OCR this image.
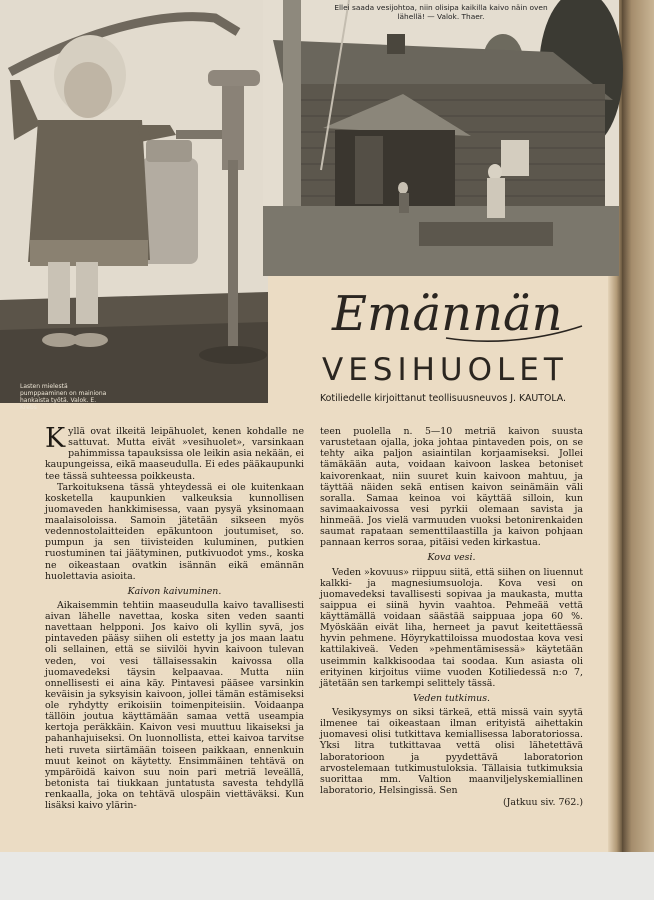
Lasten mielestä pumppaaminen on mainiona hankaista työtä. Valok. E. Krebs
Ellei saada vesijohtoa, niin olisipa kaikilla kaivo näin oven lähellä! — Valok. Thaer.
Emännän
VESIHUOLET
Kotiliedelle kirjoittanut teollisuusneuvos J. KAUTOLA.

Kyllä ovat ilkeitä leipähuolet, kenen kohdalle ne sattuvat. Mutta eivät »vesihuolet», varsinkaan pahimmissa tapauksissa ole leikin asia nekään, ei kaupungeissa, eikä maaseudulla. Ei edes pääkaupunki tee tässä suhteessa poikkeusta.

Tarkoituksena tässä yhteydessä ei ole kuitenkaan kosketella kaupunkien valkeuksia kunnollisen juomaveden hankkimisessa, vaan pysyä yksinomaan maalaisoloissa. Samoin jätetään sikseen myös vedennostolaitteiden epäkuntoon joutumiset, so. pumpun ja sen tiivisteiden kuluminen, putkien ruostuminen tai jäätyminen, putkivuodot yms., koska ne oikeastaan ovatkin isännän eikä emännän huolettavia asioita.

Kaivon kaivuminen.

Aikaisemmin tehtiin maaseudulla kaivo tavallisesti aivan lähelle navettaa, koska siten veden saanti navettaan helpponi. Jos kaivo oli kyllin syvä, jos pintaveden pääsy siihen oli estetty ja jos maan laatu oli sellainen, että se siivilöi hyvin kaivoon tulevan veden, voi vesi tällaisessakin kaivossa olla juomavedeksi täysin kelpaavaa. Mutta niin onnellisesti ei aina käy. Pintavesi pääsee varsinkin keväisin ja syksyisin kaivoon, jollei tämän estämiseksi ole ryhdytty erikoisiin toimenpiteisiin. Voidaanpa tällöin joutua käyttämään samaa vettä useampia kertoja peräkkäin. Kaivon vesi muuttuu likaiseksi ja pahanhajuiseksi. On luonnollista, ettei kaivoa tarvitse heti ruveta siirtämään toiseen paikkaan, ennenkuin muut keinot on käytetty. Ensimmäinen tehtävä on ympäröidä kaivon suu noin pari metriä leveällä, betonista tai tiukkaan juntatusta savesta tehdyllä renkaalla, joka on tehtävä ulospäin viettäväksi. Kun lisäksi kaivo ylärin-

teen puolella n. 5—10 metriä kaivon suusta varustetaan ojalla, joka johtaa pintaveden pois, on se tehty aika paljon asiaintilan korjaamiseksi. Jollei tämäkään auta, voidaan kaivoon laskea betoniset kaivorenkaat, niin suuret kuin kaivoon mahtuu, ja täyttää näiden sekä entisen kaivon seinämäin väli soralla. Samaa keinoa voi käyttää silloin, kun savimaakaivossa vesi pyrkii olemaan savista ja hinmeää. Jos vielä varmuuden vuoksi betonirenkaiden saumat rapataan sementtilaastilla ja kaivon pohjaan pannaan kerros soraa, pitäisi veden kirkastua.

Kova vesi.

Veden »kovuus» riippuu siitä, että siihen on liuennut kalkki- ja magnesiumsuoloja. Kova vesi on juomavedeksi tavallisesti sopivaa ja maukasta, mutta saippua ei siinä hyvin vaahtoa. Pehmeää vettä käyttämällä voidaan säästää saippuaa jopa 60 %. Myöskään eivät liha, herneet ja pavut keitettäessä hyvin pehmene. Höyrykattiloissa muodostaa kova vesi kattilakiveä. Veden »pehmentämisessä» käytetään useimmin kalkkisoodaa tai soodaa. Kun asiasta oli erityinen kirjoitus viime vuoden Kotiliedessä n:o 7, jätetään sen tarkempi selittely tässä.

Veden tutkimus.

Vesikysymys on siksi tärkeä, että missä vain syytä ilmenee tai oikeastaan ilman erityistä aihettakin juomavesi olisi tutkittava kemiallisessa laboratoriossa. Yksi litra tutkittavaa vettä olisi lähetettävä laboratorioon ja pyydettävä laboratorion arvostelemaan tutkimustuloksia. Tällaisia tutkimuksia suorittaa mm. Valtion maanviljelyskemiallinen laboratorio, Helsingissä. Sen

(Jatkuu siv. 762.)
